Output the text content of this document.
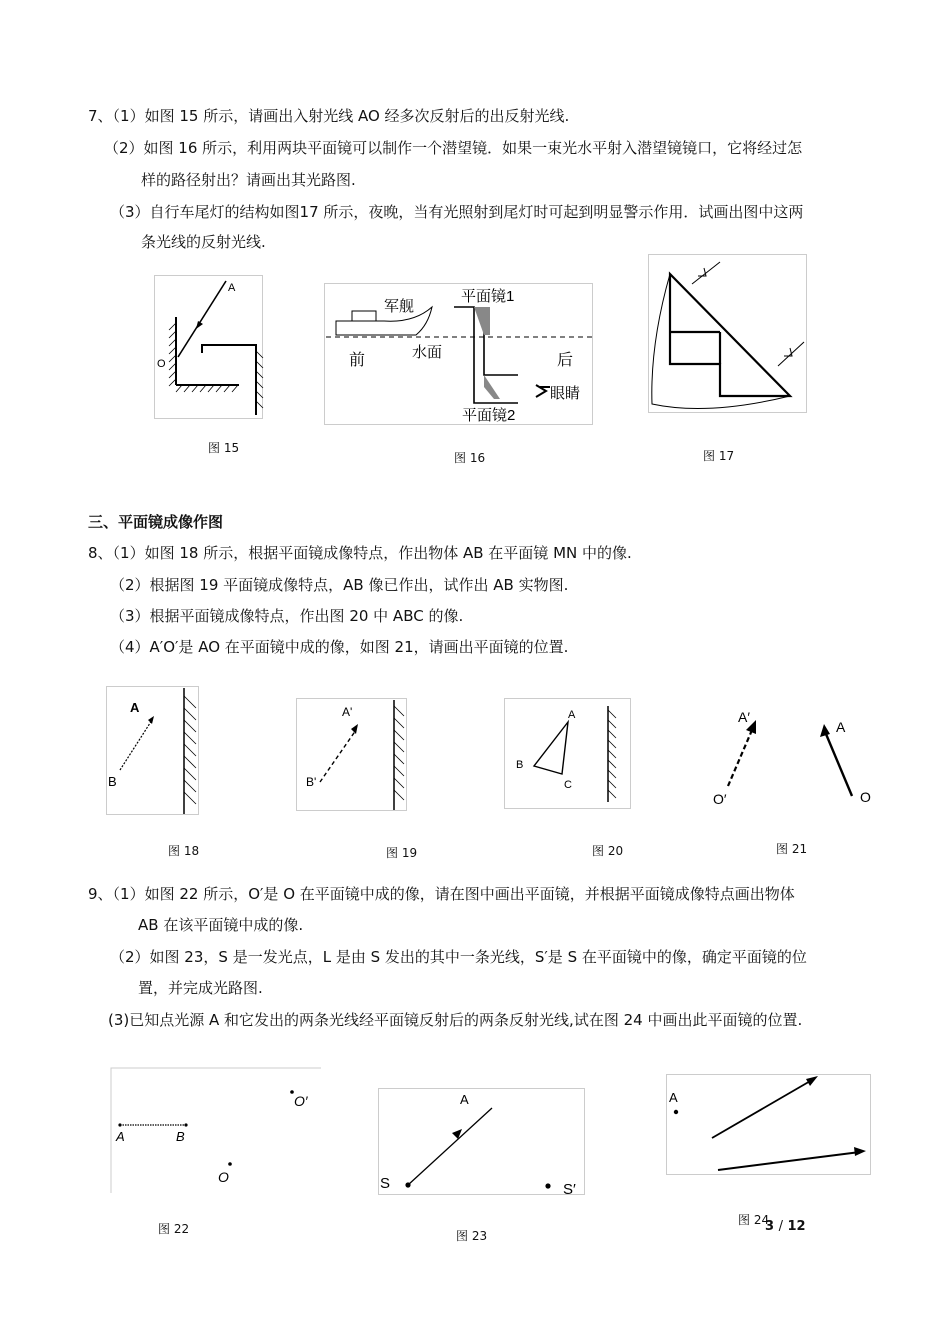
7、（1）如图 15 所示，请画出入射光线 AO 经多次反射后的出反射光线.
（2）如图 16 所示，利用两块平面镜可以制作一个潜望镜．如果一束光水平射入潜望镜镜口，它将经过怎
样的路径射出？请画出其光路图.
（3）自行车尾灯的结构如图17 所示，夜晚，当有光照射到尾灯时可起到明显警示作用．试画出图中这两
条光线的反射光线.
A
O
图 15
军舰
平面镜1
前	水面	后
眼睛
平面镜2
图 16	图 17
三、平面镜成像作图
8、（1）如图 18 所示，根据平面镜成像特点，作出物体 AB 在平面镜 MN 中的像.
（2）根据图 19 平面镜成像特点，AB 像已作出，试作出 AB 实物图.
（3）根据平面镜成像特点，作出图 20 中 ABC 的像.
（4）A′O′是 AO 在平面镜中成的像，如图 21，请画出平面镜的位置.
A
B
图 18
A'
B'
图 19
A
B
C
图 20
A′
O′
A
O
图 21
9、（1）如图 22 所示，O′是 O 在平面镜中成的像，请在图中画出平面镜，并根据平面镜成像特点画出物体
AB 在该平面镜中成的像.
（2）如图 23，S 是一发光点，L 是由 S 发出的其中一条光线，S′是 S 在平面镜中的像，确定平面镜的位
置，并完成光路图.
(3)已知点光源 A 和它发出的两条光线经平面镜反射后的两条反射光线,试在图 24 中画出此平面镜的位置.
A	B
O′
O
图 22
A
S	S′
图 23
A
图 24
3 / 12
